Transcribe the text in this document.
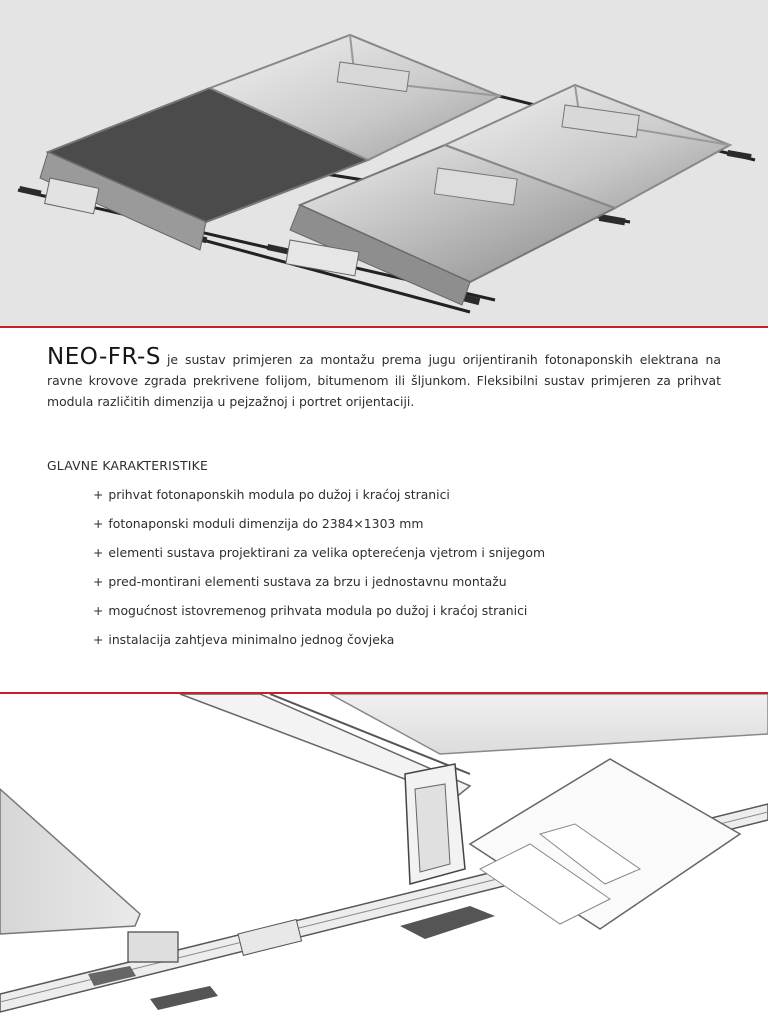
NEO-FR-S je sustav primjeren za montažu prema jugu orijentiranih fotonaponskih elektrana na ravne krovove zgrada prekrivene folijom, bitumenom ili šljunkom. Fleksibilni sustav primjeren za prihvat modula različitih dimenzija u pejzažnoj i portret orijentaciji.

GLAVNE KARAKTERISTIKE
+ prihvat fotonaponskih modula po dužoj i kraćoj stranici
+ fotonaponski moduli dimenzija do 2384×1303 mm
+ elementi sustava projektirani za velika opterećenja vjetrom i snijegom
+ pred-montirani elementi sustava za brzu i jednostavnu montažu
+ mogućnost istovremenog prihvata modula po dužoj i kraćoj stranici
+ instalacija zahtjeva minimalno jednog čovjeka
